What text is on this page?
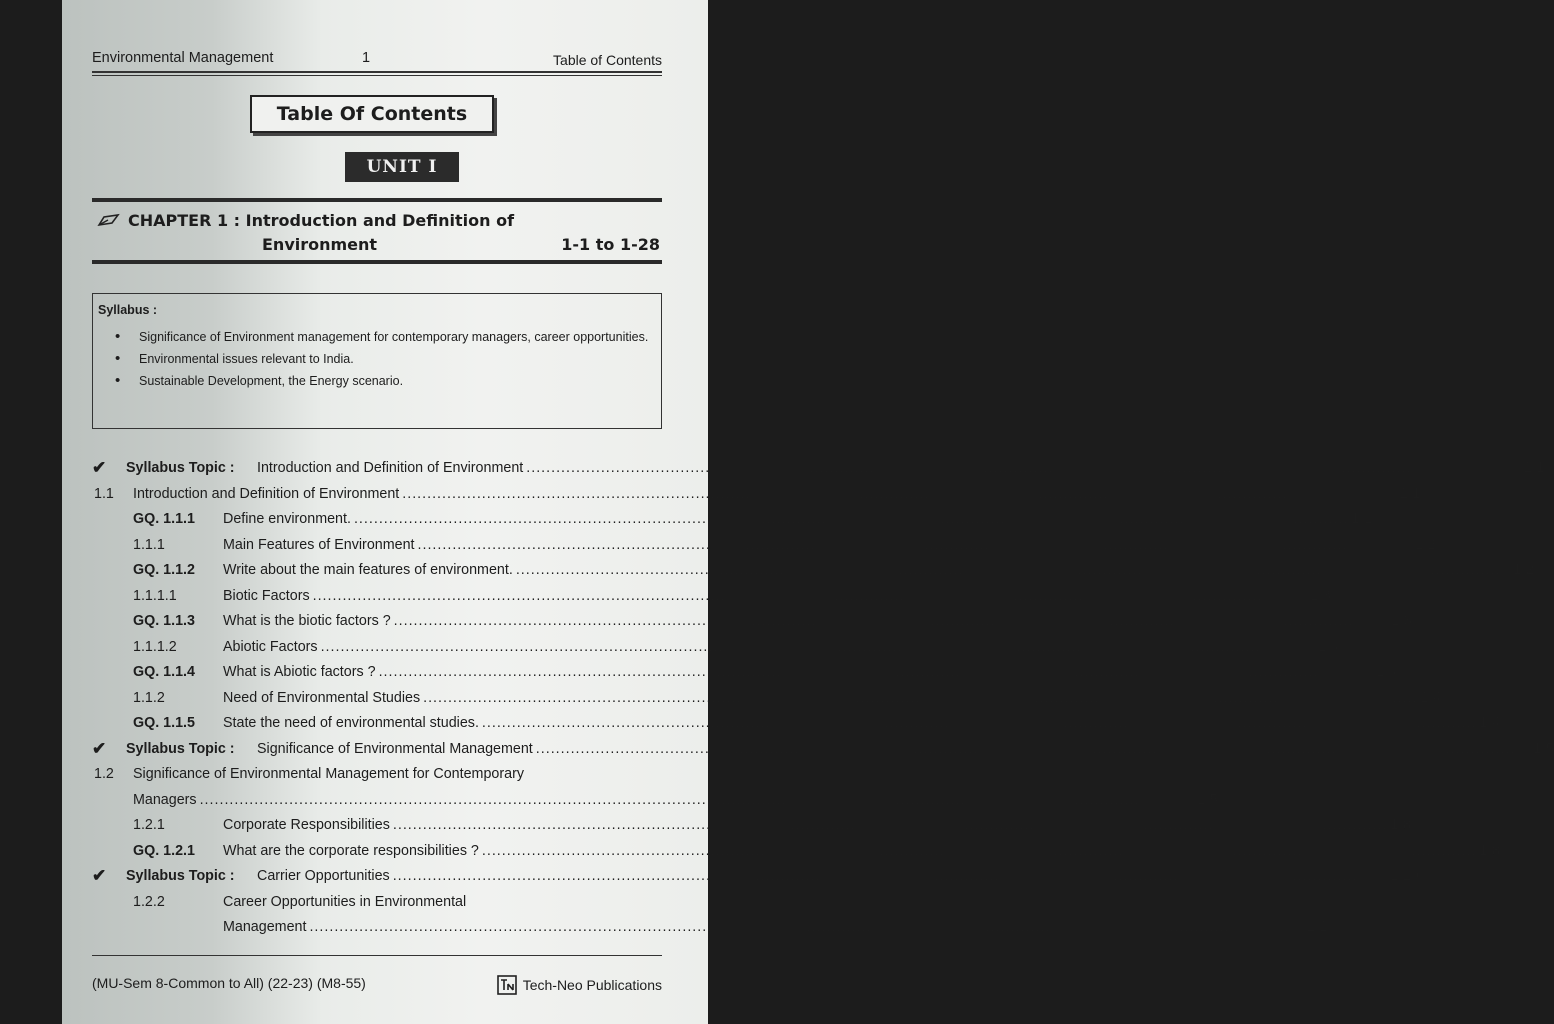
Environmental Management	1	Table of Contents
Table Of Contents
UNIT I
CHAPTER 1 : Introduction and Definition of
Environment	1-1 to 1-28
Syllabus :
• Significance of Environment management for contemporary managers, career opportunities.
• Environmental issues relevant to India.
• Sustainable Development, the Energy scenario.
✔ Syllabus Topic : Introduction and Definition of Environment ........................................................................................................................................................................................................ 1-1
1.1 Introduction and Definition of Environment ........................................................................................................................................................................................................ 1-1
GQ. 1.1.1 Define environment. ........................................................................................................................................................................................................ 1-1
1.1.1	Main Features of Environment ........................................................................................................................................................................................................ 1-2
GQ. 1.1.2 Write about the main features of environment. ........................................................................................................................................................................................................ 1-2
1.1.1.1	Biotic Factors ........................................................................................................................................................................................................ 1-3
GQ. 1.1.3 What is the biotic factors ? ........................................................................................................................................................................................................ 1-3
1.1.1.2	Abiotic Factors ........................................................................................................................................................................................................ 1-4
GQ. 1.1.4 What is Abiotic factors ? ........................................................................................................................................................................................................ 1-4
1.1.2	Need of Environmental Studies ........................................................................................................................................................................................................ 1-4
GQ. 1.1.5 State the need of environmental studies. ........................................................................................................................................................................................................ 1-4
✔ Syllabus Topic : Significance of Environmental Management ........................................................................................................................................................................................................ 1-5
1.2 Significance of Environmental Management for Contemporary
Managers ........................................................................................................................................................................................................ 1-5
1.2.1	Corporate Responsibilities ........................................................................................................................................................................................................ 1-8
GQ. 1.2.1 What are the corporate responsibilities ? ........................................................................................................................................................................................................ 1-8
✔ Syllabus Topic : Carrier Opportunities ........................................................................................................................................................................................................ 1-10
1.2.2	Career Opportunities in Environmental
Management ........................................................................................................................................................................................................ 1-10
(MU-Sem 8-Common to All) (22-23) (M8-55)	Tech-Neo Publications
